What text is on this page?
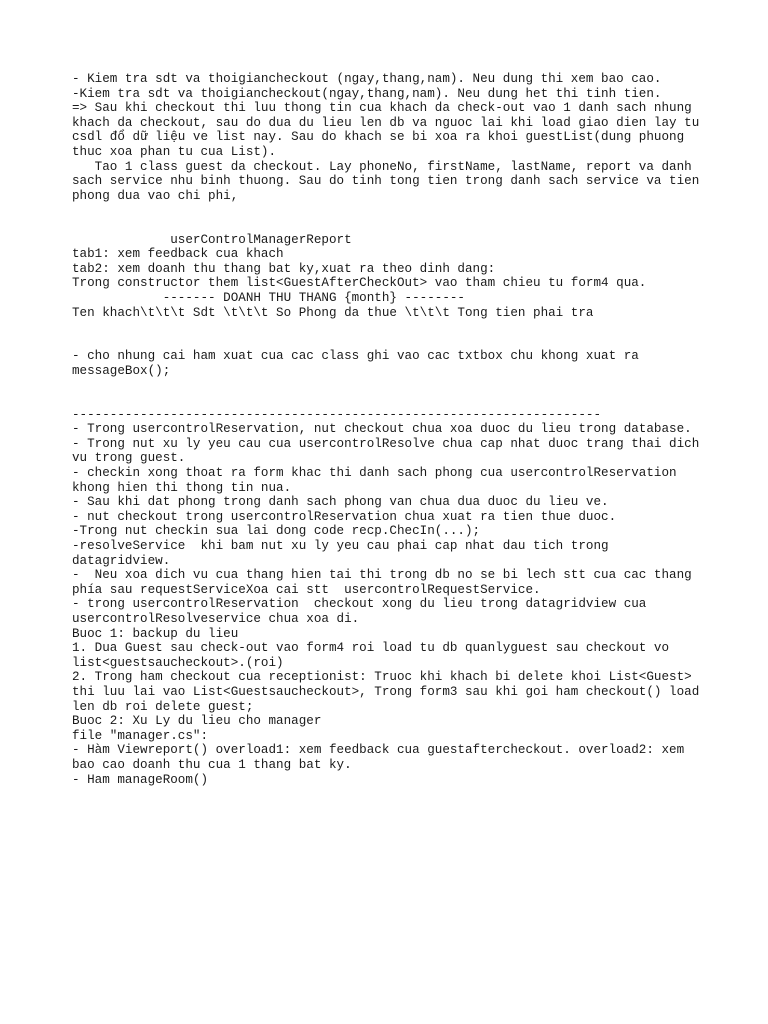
- Kiem tra sdt va thoigiancheckout (ngay,thang,nam). Neu dung thi xem bao cao.
-Kiem tra sdt va thoigiancheckout(ngay,thang,nam). Neu dung het thi tinh tien.
=> Sau khi checkout thi luu thong tin cua khach da check-out vao 1 danh sach nhung
khach da checkout, sau do dua du lieu len db va nguoc lai khi load giao dien lay tu
csdl đổ dữ liệu ve list nay. Sau do khach se bi xoa ra khoi guestList(dung phuong
thuc xoa phan tu cua List).
Tao 1 class guest da checkout. Lay phoneNo, firstName, lastName, report va danh
sach service nhu binh thuong. Sau do tinh tong tien trong danh sach service va tien
phong dua vao chi phi,
userControlManagerReport
tab1: xem feedback cua khach
tab2: xem doanh thu thang bat ky,xuat ra theo dinh dang:
Trong constructor them list<GuestAfterCheckOut> vao tham chieu tu form4 qua.
------- DOANH THU THANG {month} --------
Ten khach\t\t\t Sdt \t\t\t So Phong da thue \t\t\t Tong tien phai tra
- cho nhung cai ham xuat cua cac class ghi vao cac txtbox chu khong xuat ra
messageBox();
----------------------------------------------------------------------
- Trong usercontrolReservation, nut checkout chua xoa duoc du lieu trong database.
- Trong nut xu ly yeu cau cua usercontrolResolve chua cap nhat duoc trang thai dich
vu trong guest.
- checkin xong thoat ra form khac thi danh sach phong cua usercontrolReservation
khong hien thi thong tin nua.
- Sau khi dat phong trong danh sach phong van chua dua duoc du lieu ve.
- nut checkout trong usercontrolReservation chua xuat ra tien thue duoc.
-Trong nut checkin sua lai dong code recp.ChecIn(...);
-resolveService  khi bam nut xu ly yeu cau phai cap nhat dau tich trong
datagridview.
-  Neu xoa dich vu cua thang hien tai thi trong db no se bi lech stt cua cac thang
phía sau requestServiceXoa cai stt  usercontrolRequestService.
- trong usercontrolReservation  checkout xong du lieu trong datagridview cua
usercontrolResolveservice chua xoa di.
Buoc 1: backup du lieu
1. Dua Guest sau check-out vao form4 roi load tu db quanlyguest sau checkout vo
list<guestsaucheckout>.(roi)
2. Trong ham checkout cua receptionist: Truoc khi khach bi delete khoi List<Guest>
thi luu lai vao List<Guestsaucheckout>, Trong form3 sau khi goi ham checkout() load
len db roi delete guest;
Buoc 2: Xu Ly du lieu cho manager
file "manager.cs":
- Hàm Viewreport() overload1: xem feedback cua guestaftercheckout. overload2: xem
bao cao doanh thu cua 1 thang bat ky.
- Ham manageRoom()
